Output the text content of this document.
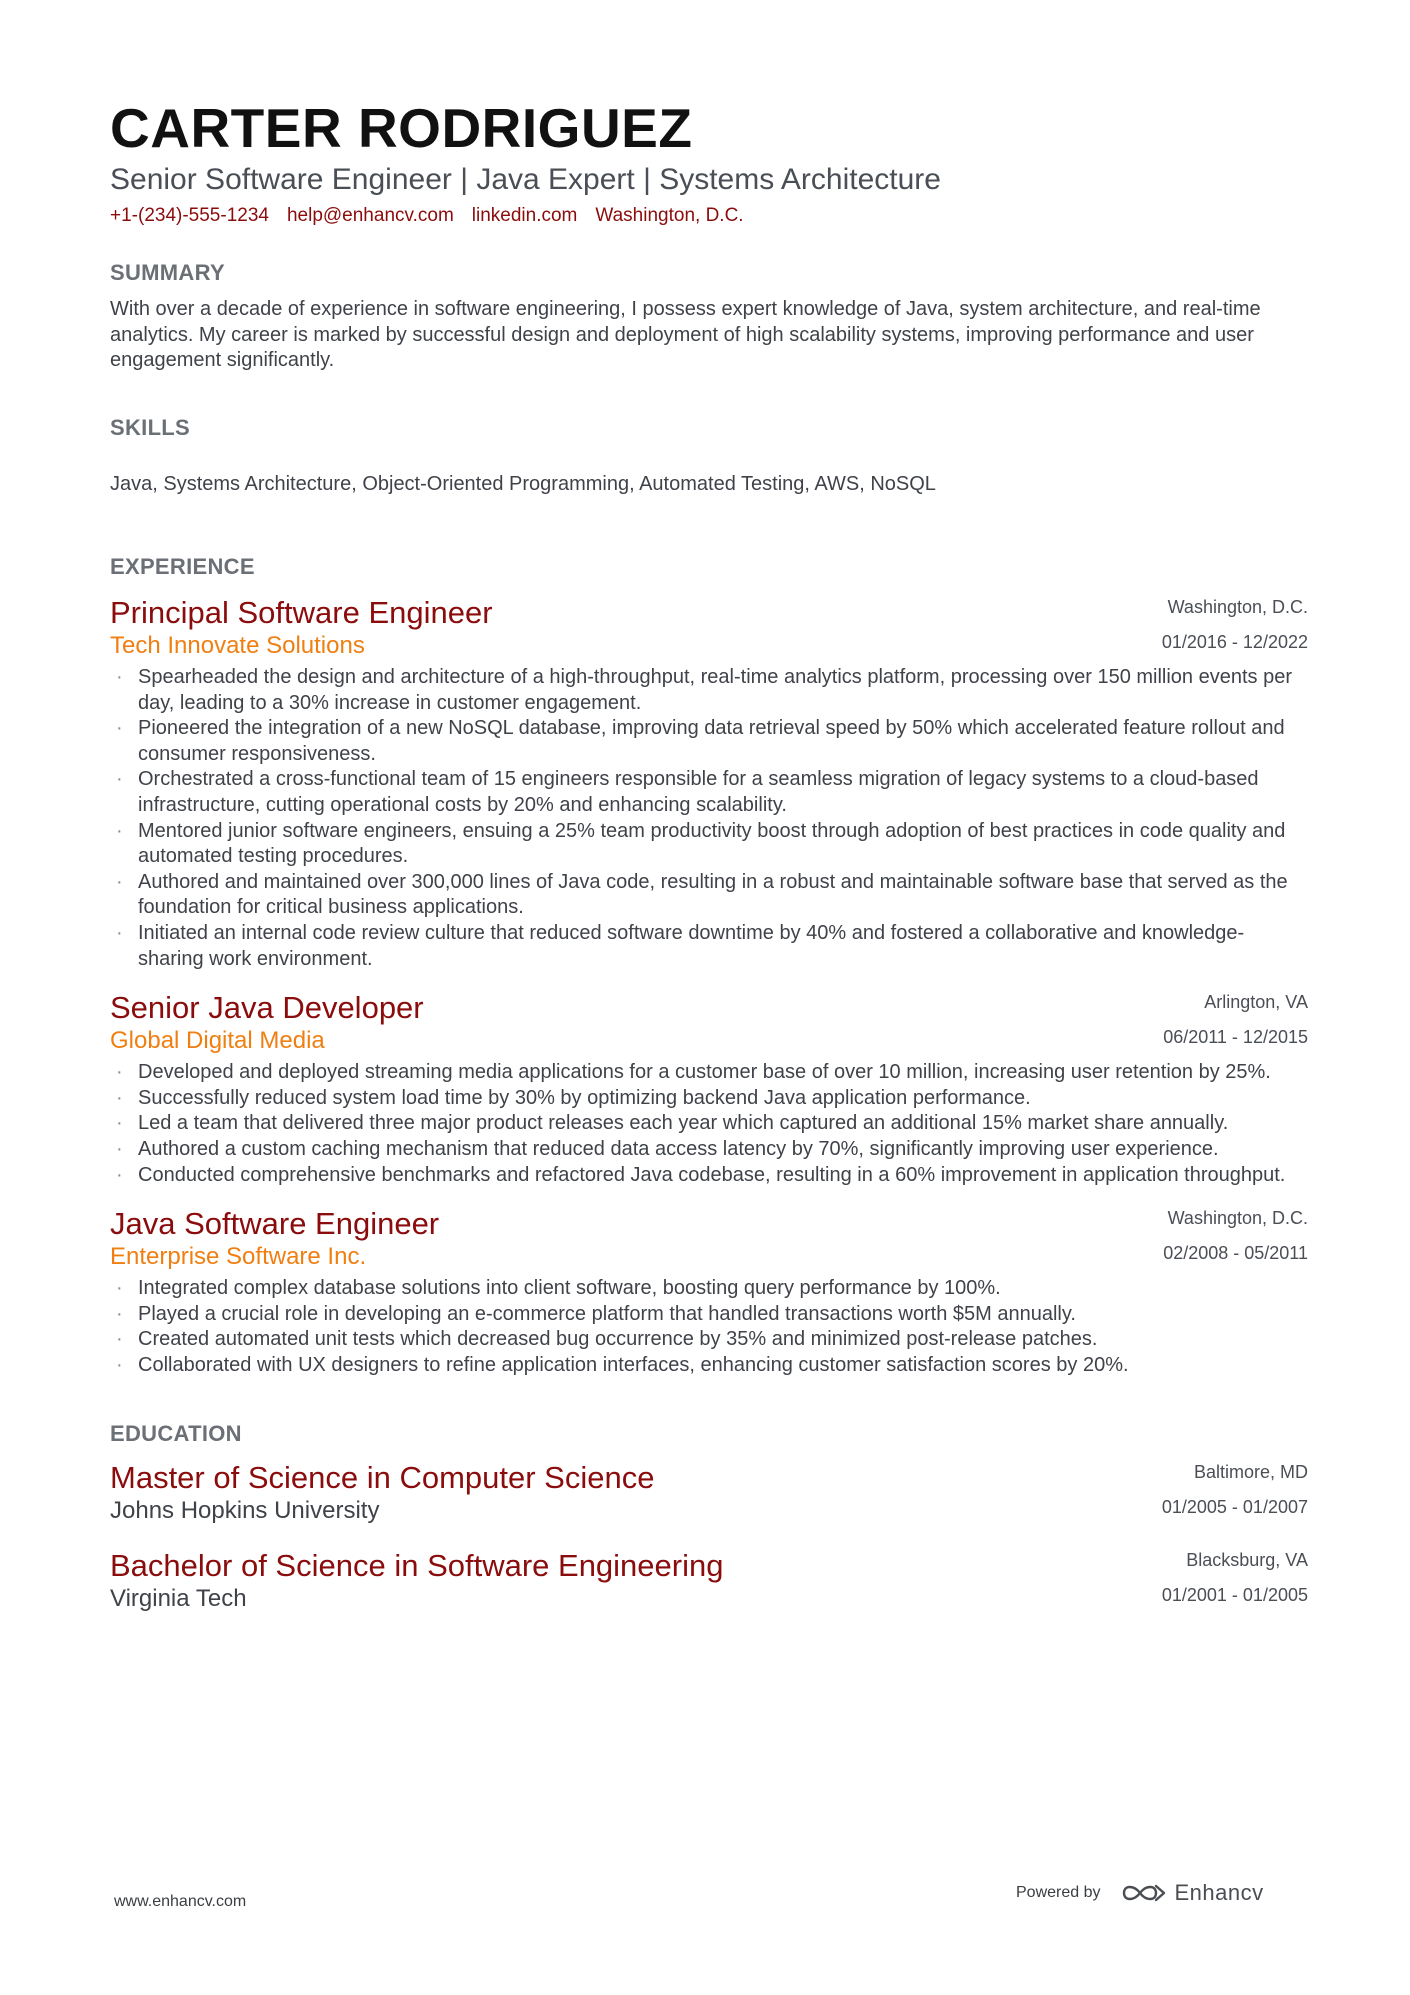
CARTER RODRIGUEZ
Senior Software Engineer | Java Expert | Systems Architecture
+1-(234)-555-1234 help@enhancv.com linkedin.com Washington, D.C.
SUMMARY

With over a decade of experience in software engineering, I possess expert knowledge of Java, system architecture, and real-time analytics. My career is marked by successful design and deployment of high scalability systems, improving performance and user engagement significantly.

SKILLS

Java, Systems Architecture, Object-Oriented Programming, Automated Testing, AWS, NoSQL

EXPERIENCE
Principal Software Engineer
Tech Innovate Solutions
Washington, D.C.
01/2016 - 12/2022
· Spearheaded the design and architecture of a high-throughput, real-time analytics platform, processing over 150 million events per day, leading to a 30% increase in customer engagement.
· Pioneered the integration of a new NoSQL database, improving data retrieval speed by 50% which accelerated feature rollout and consumer responsiveness.
· Orchestrated a cross-functional team of 15 engineers responsible for a seamless migration of legacy systems to a cloud-based infrastructure, cutting operational costs by 20% and enhancing scalability.
· Mentored junior software engineers, ensuing a 25% team productivity boost through adoption of best practices in code quality and automated testing procedures.
· Authored and maintained over 300,000 lines of Java code, resulting in a robust and maintainable software base that served as the foundation for critical business applications.
· Initiated an internal code review culture that reduced software downtime by 40% and fostered a collaborative and knowledge-sharing work environment.
Senior Java Developer
Global Digital Media
Arlington, VA
06/2011 - 12/2015
· Developed and deployed streaming media applications for a customer base of over 10 million, increasing user retention by 25%.
· Successfully reduced system load time by 30% by optimizing backend Java application performance.
· Led a team that delivered three major product releases each year which captured an additional 15% market share annually.
· Authored a custom caching mechanism that reduced data access latency by 70%, significantly improving user experience.
· Conducted comprehensive benchmarks and refactored Java codebase, resulting in a 60% improvement in application throughput.
Java Software Engineer
Enterprise Software Inc.
Washington, D.C.
02/2008 - 05/2011
· Integrated complex database solutions into client software, boosting query performance by 100%.
· Played a crucial role in developing an e-commerce platform that handled transactions worth $5M annually.
· Created automated unit tests which decreased bug occurrence by 35% and minimized post-release patches.
· Collaborated with UX designers to refine application interfaces, enhancing customer satisfaction scores by 20%.
EDUCATION
Master of Science in Computer Science
Johns Hopkins University
Baltimore, MD
01/2005 - 01/2007
Bachelor of Science in Software Engineering
Virginia Tech
Blacksburg, VA
01/2001 - 01/2005
www.enhancv.com
Powered by	Enhancv
